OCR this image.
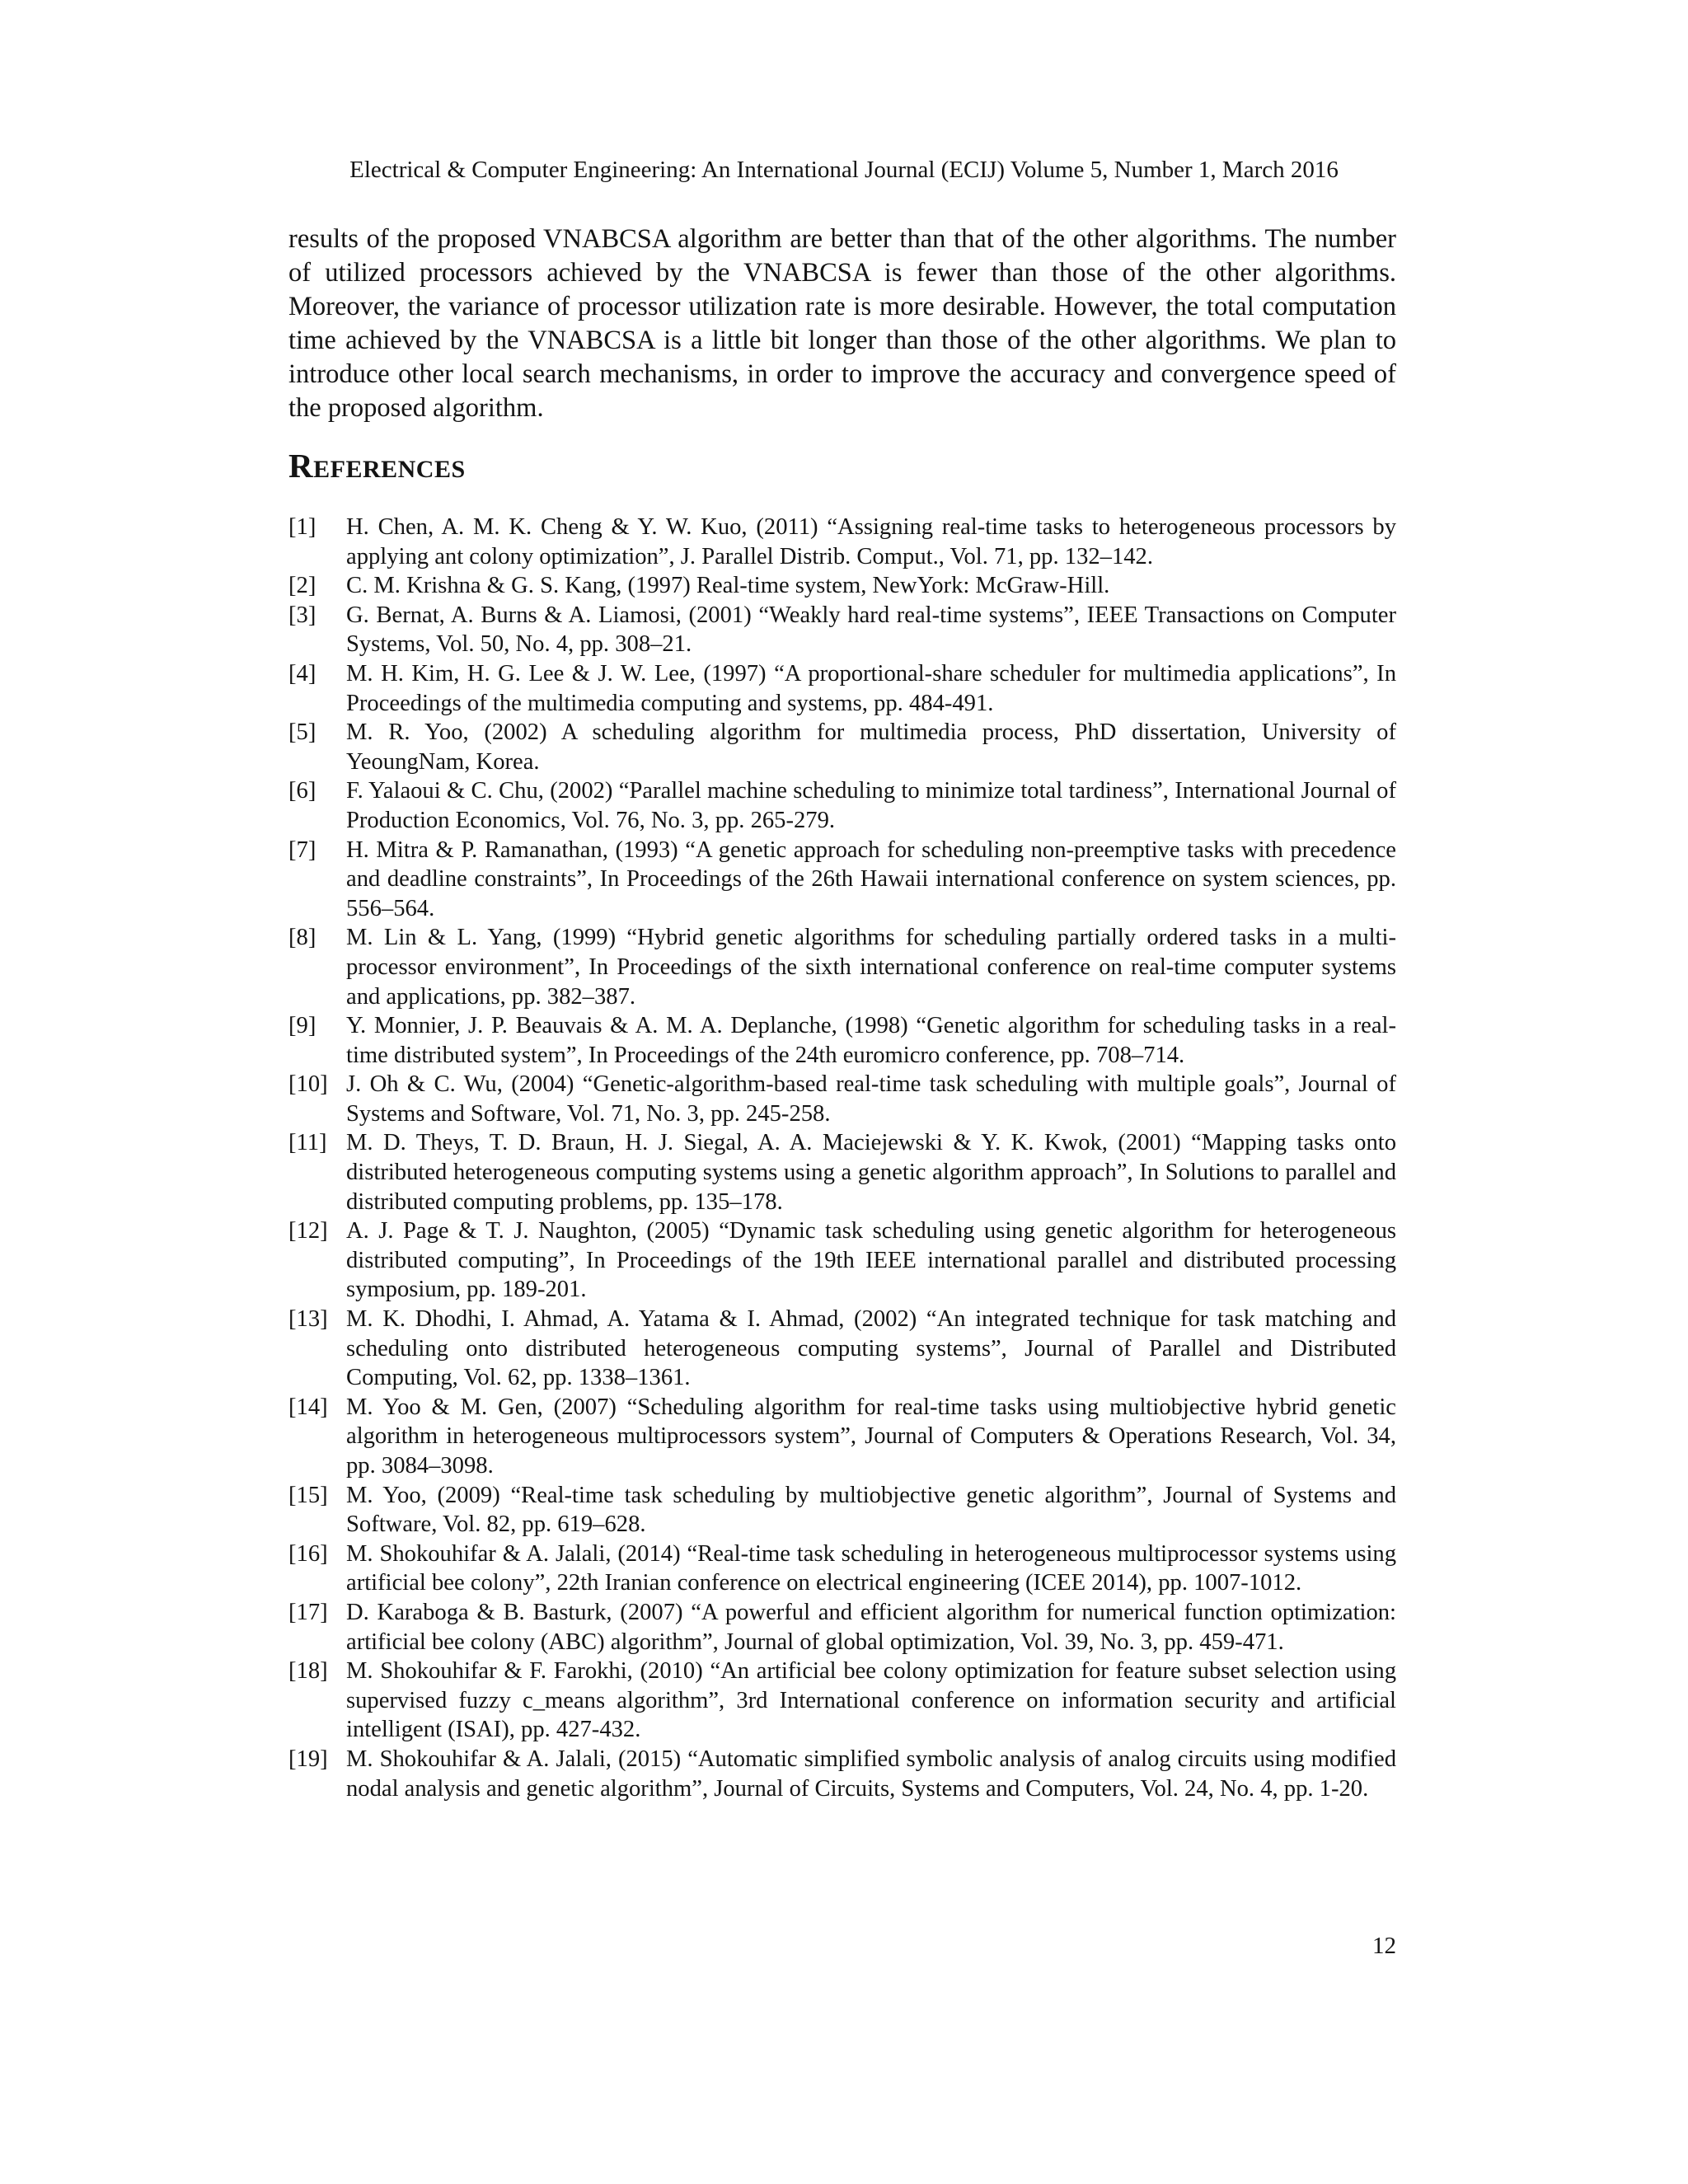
Electrical & Computer Engineering: An International Journal (ECIJ) Volume 5, Number 1, March 2016

results of the proposed VNABCSA algorithm are better than that of the other algorithms. The number of utilized processors achieved by the VNABCSA is fewer than those of the other algorithms. Moreover, the variance of processor utilization rate is more desirable. However, the total computation time achieved by the VNABCSA is a little bit longer than those of the other algorithms. We plan to introduce other local search mechanisms, in order to improve the accuracy and convergence speed of the proposed algorithm.

REFERENCES
[1]	H. Chen, A. M. K. Cheng & Y. W. Kuo, (2011) “Assigning real-time tasks to heterogeneous processors by applying ant colony optimization”, J. Parallel Distrib. Comput., Vol. 71, pp. 132–142.
[2]	C. M. Krishna & G. S. Kang, (1997) Real-time system, NewYork: McGraw-Hill.
[3]	G. Bernat, A. Burns & A. Liamosi, (2001) “Weakly hard real-time systems”, IEEE Transactions on Computer Systems, Vol. 50, No. 4, pp. 308–21.
[4]	M. H. Kim, H. G. Lee & J. W. Lee, (1997) “A proportional-share scheduler for multimedia applications”, In Proceedings of the multimedia computing and systems, pp. 484-491.
[5]	M. R. Yoo, (2002) A scheduling algorithm for multimedia process, PhD dissertation, University of YeoungNam, Korea.
[6]	F. Yalaoui & C. Chu, (2002) “Parallel machine scheduling to minimize total tardiness”, International Journal of Production Economics, Vol. 76, No. 3, pp. 265-279.
[7]	H. Mitra & P. Ramanathan, (1993) “A genetic approach for scheduling non-preemptive tasks with precedence and deadline constraints”, In Proceedings of the 26th Hawaii international conference on system sciences, pp. 556–564.
[8]	M. Lin & L. Yang, (1999) “Hybrid genetic algorithms for scheduling partially ordered tasks in a multi-processor environment”, In Proceedings of the sixth international conference on real-time computer systems and applications, pp. 382–387.
[9]	Y. Monnier, J. P. Beauvais & A. M. A. Deplanche, (1998) “Genetic algorithm for scheduling tasks in a real-time distributed system”, In Proceedings of the 24th euromicro conference, pp. 708–714.
[10] J. Oh & C. Wu, (2004) “Genetic-algorithm-based real-time task scheduling with multiple goals”, Journal of Systems and Software, Vol. 71, No. 3, pp. 245-258.
[11] M. D. Theys, T. D. Braun, H. J. Siegal, A. A. Maciejewski & Y. K. Kwok, (2001) “Mapping tasks onto distributed heterogeneous computing systems using a genetic algorithm approach”, In Solutions to parallel and distributed computing problems, pp. 135–178.
[12] A. J. Page & T. J. Naughton, (2005) “Dynamic task scheduling using genetic algorithm for heterogeneous distributed computing”, In Proceedings of the 19th IEEE international parallel and distributed processing symposium, pp. 189-201.
[13] M. K. Dhodhi, I. Ahmad, A. Yatama & I. Ahmad, (2002) “An integrated technique for task matching and scheduling onto distributed heterogeneous computing systems”, Journal of Parallel and Distributed Computing, Vol. 62, pp. 1338–1361.
[14] M. Yoo & M. Gen, (2007) “Scheduling algorithm for real-time tasks using multiobjective hybrid genetic algorithm in heterogeneous multiprocessors system”, Journal of Computers & Operations Research, Vol. 34, pp. 3084–3098.
[15] M. Yoo, (2009) “Real-time task scheduling by multiobjective genetic algorithm”, Journal of Systems and Software, Vol. 82, pp. 619–628.
[16] M. Shokouhifar & A. Jalali, (2014) “Real-time task scheduling in heterogeneous multiprocessor systems using artificial bee colony”, 22th Iranian conference on electrical engineering (ICEE 2014), pp. 1007-1012.
[17] D. Karaboga & B. Basturk, (2007) “A powerful and efficient algorithm for numerical function optimization: artificial bee colony (ABC) algorithm”, Journal of global optimization, Vol. 39, No. 3, pp. 459-471.
[18] M. Shokouhifar & F. Farokhi, (2010) “An artificial bee colony optimization for feature subset selection using supervised fuzzy c_means algorithm”, 3rd International conference on information security and artificial intelligent (ISAI), pp. 427-432.
[19] M. Shokouhifar & A. Jalali, (2015) “Automatic simplified symbolic analysis of analog circuits using modified nodal analysis and genetic algorithm”, Journal of Circuits, Systems and Computers, Vol. 24, No. 4, pp. 1-20.
12
